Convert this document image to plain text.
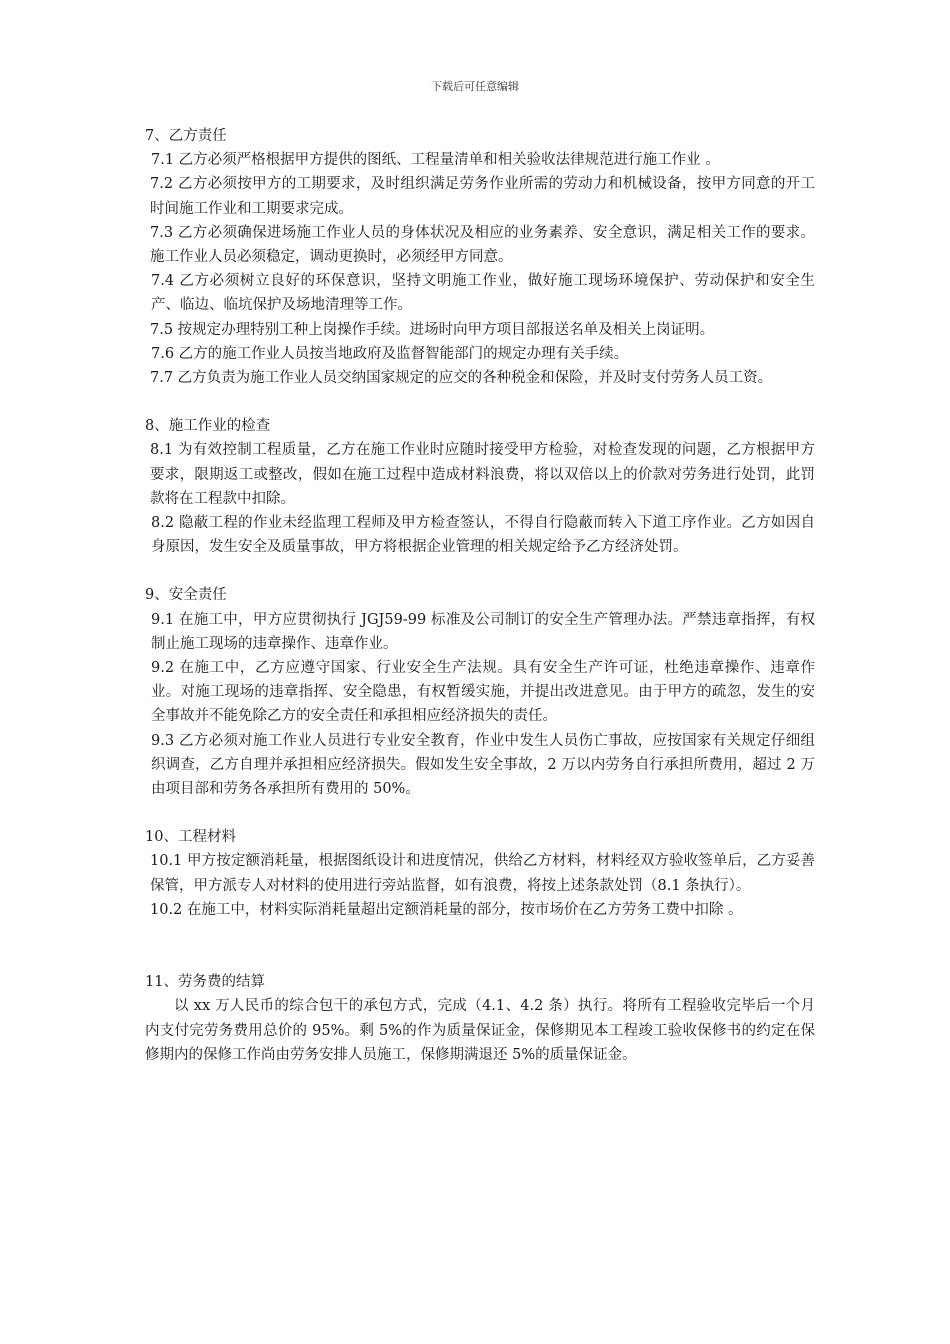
下载后可任意编辑

7、乙方责任

7.1 乙方必须严格根据甲方提供的图纸、工程量清单和相关验收法律规范进行施工作业 。

7.2 乙方必须按甲方的工期要求，及时组织满足劳务作业所需的劳动力和机械设备，按甲方同意的开工时间施工作业和工期要求完成。

7.3 乙方必须确保进场施工作业人员的身体状况及相应的业务素养、安全意识，满足相关工作的要求。施工作业人员必须稳定，调动更换时，必须经甲方同意。

7.4 乙方必须树立良好的环保意识，坚持文明施工作业，做好施工现场环境保护、劳动保护和安全生产、临边、临坑保护及场地清理等工作。

7.5 按规定办理特别工种上岗操作手续。进场时向甲方项目部报送名单及相关上岗证明。

7.6 乙方的施工作业人员按当地政府及监督智能部门的规定办理有关手续。

7.7 乙方负责为施工作业人员交纳国家规定的应交的各种税金和保险，并及时支付劳务人员工资。

8、施工作业的检查

8.1 为有效控制工程质量，乙方在施工作业时应随时接受甲方检验，对检查发现的问题，乙方根据甲方要求，限期返工或整改，假如在施工过程中造成材料浪费，将以双倍以上的价款对劳务进行处罚，此罚款将在工程款中扣除。

8.2 隐蔽工程的作业未经监理工程师及甲方检查签认，不得自行隐蔽而转入下道工序作业。乙方如因自身原因，发生安全及质量事故，甲方将根据企业管理的相关规定给予乙方经济处罚。

9、安全责任

9.1 在施工中，甲方应贯彻执行 JGJ59-99 标准及公司制订的安全生产管理办法。严禁违章指挥，有权制止施工现场的违章操作、违章作业。

9.2 在施工中，乙方应遵守国家、行业安全生产法规。具有安全生产许可证，杜绝违章操作、违章作业。对施工现场的违章指挥、安全隐患，有权暂缓实施，并提出改进意见。由于甲方的疏忽，发生的安全事故并不能免除乙方的安全责任和承担相应经济损失的责任。

9.3 乙方必须对施工作业人员进行专业安全教育，作业中发生人员伤亡事故，应按国家有关规定仔细组织调查，乙方自理并承担相应经济损失。假如发生安全事故，2 万以内劳务自行承担所费用，超过 2 万由项目部和劳务各承担所有费用的 50%。

10、工程材料

10.1 甲方按定额消耗量，根据图纸设计和进度情况，供给乙方材料，材料经双方验收签单后，乙方妥善保管，甲方派专人对材料的使用进行旁站监督，如有浪费，将按上述条款处罚（8.1 条执行）。

10.2 在施工中，材料实际消耗量超出定额消耗量的部分，按市场价在乙方劳务工费中扣除 。

11、劳务费的结算

以 xx 万人民币的综合包干的承包方式，完成（4.1、4.2 条）执行。将所有工程验收完毕后一个月内支付完劳务费用总价的 95%。剩 5%的作为质量保证金，保修期见本工程竣工验收保修书的约定在保修期内的保修工作尚由劳务安排人员施工，保修期满退还 5%的质量保证金。
